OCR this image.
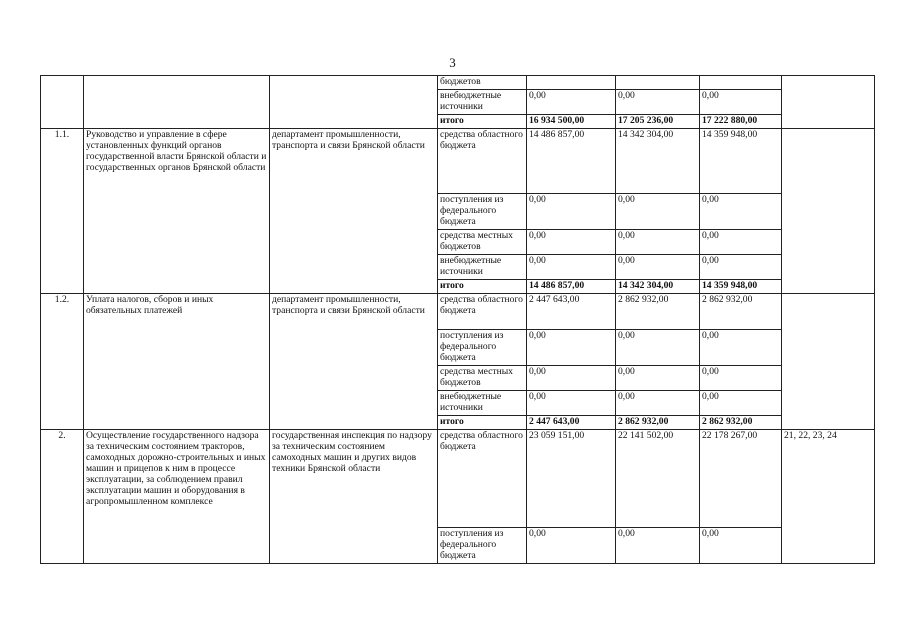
3
			бюджетов				
			внебюджетные источники	0,00	0,00	0,00	
			итого	16 934 500,00	17 205 236,00	17 222 880,00	
1.1.	Руководство и управление в сфере установленных функций органов государственной власти Брянской области и государственных органов Брянской области	департамент промышленности, транспорта и связи Брянской области	средства областного бюджета	14 486 857,00	14 342 304,00	14 359 948,00	
			поступления из федерального бюджета	0,00	0,00	0,00	
			средства местных бюджетов	0,00	0,00	0,00	
			внебюджетные источники	0,00	0,00	0,00	
			итого	14 486 857,00	14 342 304,00	14 359 948,00	
1.2.	Уплата налогов, сборов и иных обязательных платежей	департамент промышленности, транспорта и связи Брянской области	средства областного бюджета	2 447 643,00	2 862 932,00	2 862 932,00	
			поступления из федерального бюджета	0,00	0,00	0,00	
			средства местных бюджетов	0,00	0,00	0,00	
			внебюджетные источники	0,00	0,00	0,00	
			итого	2 447 643,00	2 862 932,00	2 862 932,00	
2.	Осуществление государственного надзора за техническим состоянием тракторов, самоходных дорожно-строительных и иных машин и прицепов к ним в процессе эксплуатации, за соблюдением правил эксплуатации машин и оборудования в агропромышленном комплексе	государственная инспекция по надзору за техническим состоянием самоходных машин и других видов техники Брянской области	средства областного бюджета	23 059 151,00	22 141 502,00	22 178 267,00	21, 22, 23, 24
			поступления из федерального бюджета	0,00	0,00	0,00	
